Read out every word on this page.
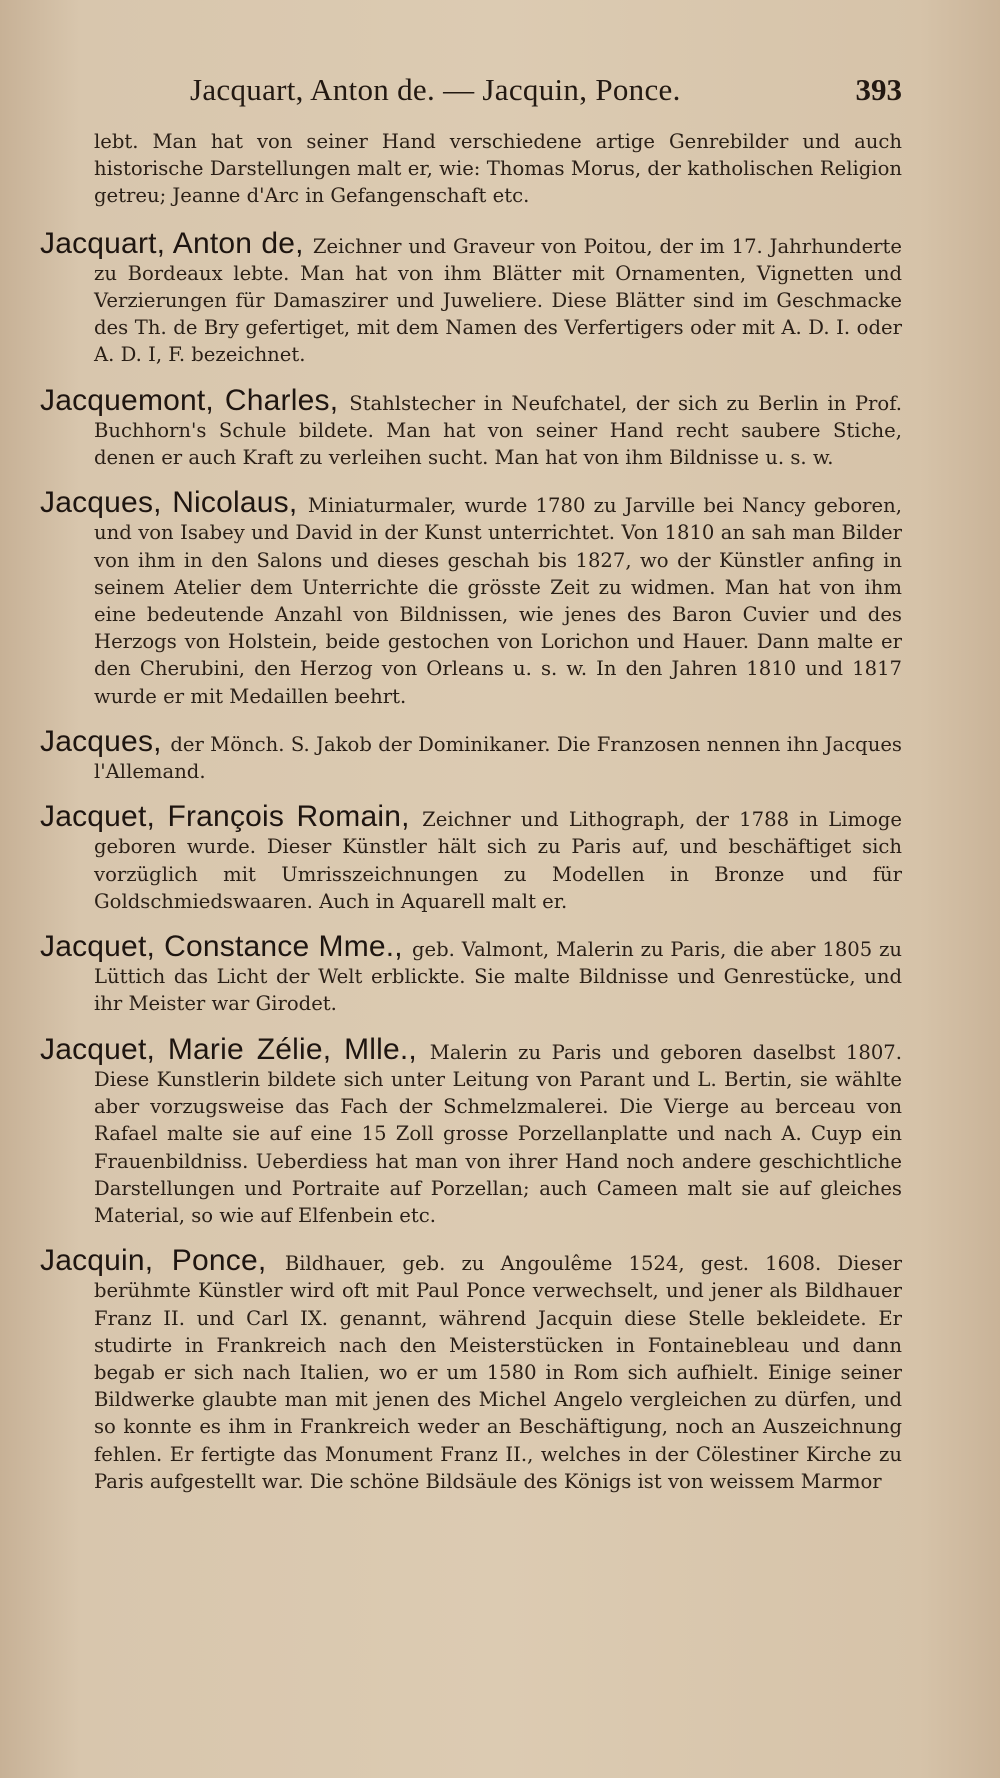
Jacquart, Anton de. — Jacquin, Ponce.	393

lebt. Man hat von seiner Hand verschiedene artige Genrebilder und auch historische Darstellungen malt er, wie: Thomas Morus, der katholischen Religion getreu; Jeanne d'Arc in Gefangenschaft etc.

Jacquart, Anton de, Zeichner und Graveur von Poitou, der im 17. Jahrhunderte zu Bordeaux lebte. Man hat von ihm Blätter mit Ornamenten, Vignetten und Verzierungen für Damaszirer und Juweliere. Diese Blätter sind im Geschmacke des Th. de Bry gefertiget, mit dem Namen des Verfertigers oder mit A. D. I. oder A. D. I, F. bezeichnet.

Jacquemont, Charles, Stahlstecher in Neufchatel, der sich zu Berlin in Prof. Buchhorn's Schule bildete. Man hat von seiner Hand recht saubere Stiche, denen er auch Kraft zu verleihen sucht. Man hat von ihm Bildnisse u. s. w.

Jacques, Nicolaus, Miniaturmaler, wurde 1780 zu Jarville bei Nancy geboren, und von Isabey und David in der Kunst unterrichtet. Von 1810 an sah man Bilder von ihm in den Salons und dieses geschah bis 1827, wo der Künstler anfing in seinem Atelier dem Unterrichte die grösste Zeit zu widmen. Man hat von ihm eine bedeutende Anzahl von Bildnissen, wie jenes des Baron Cuvier und des Herzogs von Holstein, beide gestochen von Lorichon und Hauer. Dann malte er den Cherubini, den Herzog von Orleans u. s. w. In den Jahren 1810 und 1817 wurde er mit Medaillen beehrt.

Jacques, der Mönch. S. Jakob der Dominikaner. Die Franzosen nennen ihn Jacques l'Allemand.

Jacquet, François Romain, Zeichner und Lithograph, der 1788 in Limoge geboren wurde. Dieser Künstler hält sich zu Paris auf, und beschäftiget sich vorzüglich mit Umrisszeichnungen zu Modellen in Bronze und für Goldschmiedswaaren. Auch in Aquarell malt er.

Jacquet, Constance Mme., geb. Valmont, Malerin zu Paris, die aber 1805 zu Lüttich das Licht der Welt erblickte. Sie malte Bildnisse und Genrestücke, und ihr Meister war Girodet.

Jacquet, Marie Zélie, Mlle., Malerin zu Paris und geboren daselbst 1807. Diese Kunstlerin bildete sich unter Leitung von Parant und L. Bertin, sie wählte aber vorzugsweise das Fach der Schmelzmalerei. Die Vierge au berceau von Rafael malte sie auf eine 15 Zoll grosse Porzellanplatte und nach A. Cuyp ein Frauenbildniss. Ueberdiess hat man von ihrer Hand noch andere geschichtliche Darstellungen und Portraite auf Porzellan; auch Cameen malt sie auf gleiches Material, so wie auf Elfenbein etc.

Jacquin, Ponce, Bildhauer, geb. zu Angoulême 1524, gest. 1608. Dieser berühmte Künstler wird oft mit Paul Ponce verwechselt, und jener als Bildhauer Franz II. und Carl IX. genannt, während Jacquin diese Stelle bekleidete. Er studirte in Frankreich nach den Meisterstücken in Fontainebleau und dann begab er sich nach Italien, wo er um 1580 in Rom sich aufhielt. Einige seiner Bildwerke glaubte man mit jenen des Michel Angelo vergleichen zu dürfen, und so konnte es ihm in Frankreich weder an Beschäftigung, noch an Auszeichnung fehlen. Er fertigte das Monument Franz II., welches in der Cölestiner Kirche zu Paris aufgestellt war. Die schöne Bildsäule des Königs ist von weissem Marmor
